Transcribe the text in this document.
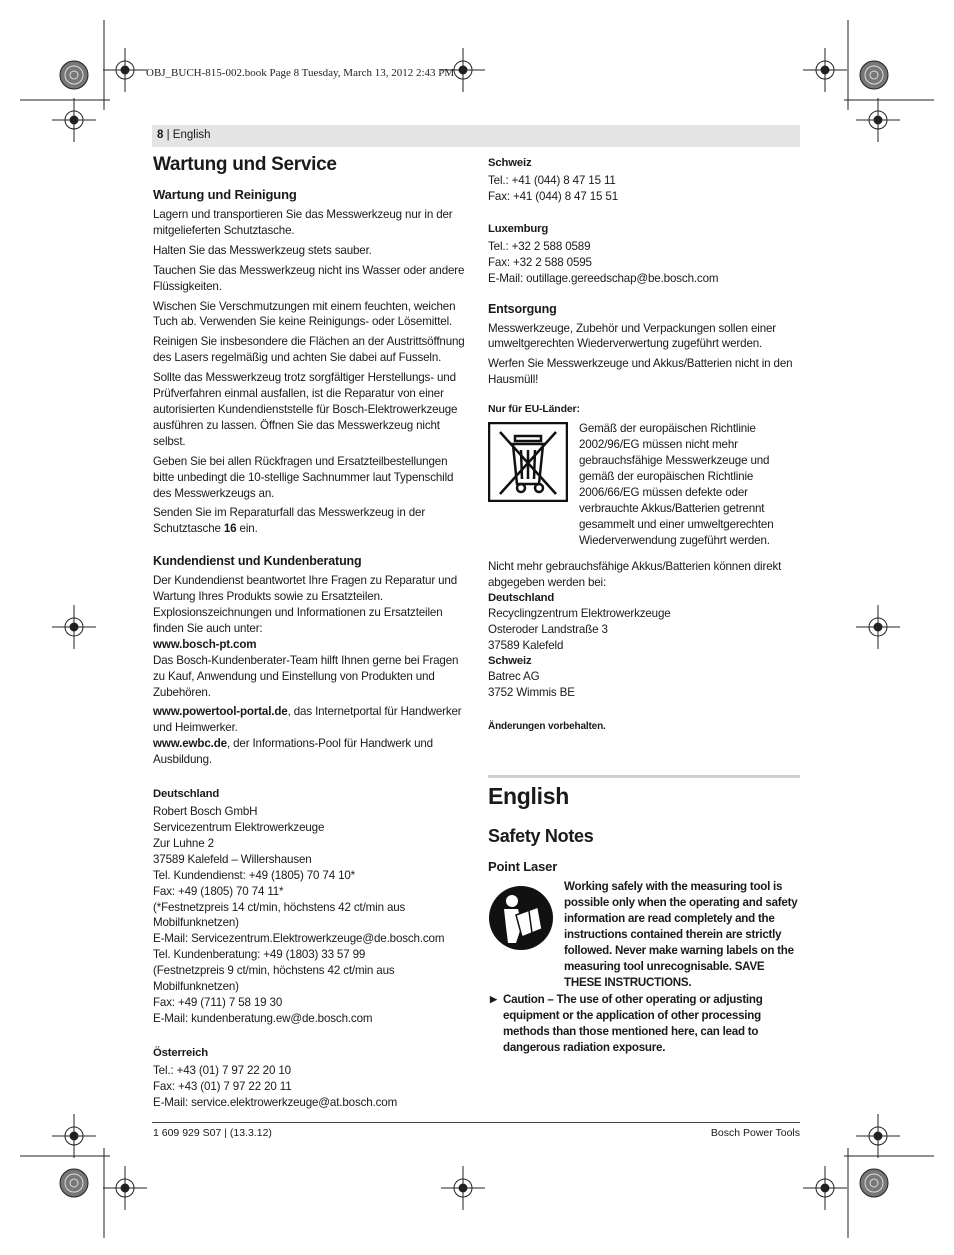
OBJ_BUCH-815-002.book Page 8 Tuesday, March 13, 2012 2:43 PM
8 | English
Wartung und Service
Wartung und Reinigung

Lagern und transportieren Sie das Messwerkzeug nur in der mitgelieferten Schutztasche.

Halten Sie das Messwerkzeug stets sauber.

Tauchen Sie das Messwerkzeug nicht ins Wasser oder andere Flüssigkeiten.

Wischen Sie Verschmutzungen mit einem feuchten, weichen Tuch ab. Verwenden Sie keine Reinigungs- oder Lösemittel.

Reinigen Sie insbesondere die Flächen an der Austrittsöffnung des Lasers regelmäßig und achten Sie dabei auf Fusseln.

Sollte das Messwerkzeug trotz sorgfältiger Herstellungs- und Prüfverfahren einmal ausfallen, ist die Reparatur von einer autorisierten Kundendienststelle für Bosch-Elektrowerkzeuge ausführen zu lassen. Öffnen Sie das Messwerkzeug nicht selbst.

Geben Sie bei allen Rückfragen und Ersatzteilbestellungen bitte unbedingt die 10-stellige Sachnummer laut Typenschild des Messwerkzeugs an.

Senden Sie im Reparaturfall das Messwerkzeug in der Schutztasche 16 ein.

Kundendienst und Kundenberatung

Der Kundendienst beantwortet Ihre Fragen zu Reparatur und Wartung Ihres Produkts sowie zu Ersatzteilen. Explosionszeichnungen und Informationen zu Ersatzteilen finden Sie auch unter:

www.bosch-pt.com

Das Bosch-Kundenberater-Team hilft Ihnen gerne bei Fragen zu Kauf, Anwendung und Einstellung von Produkten und Zubehören.

www.powertool-portal.de, das Internetportal für Handwerker und Heimwerker.

www.ewbc.de, der Informations-Pool für Handwerk und Ausbildung.

Deutschland

Robert Bosch GmbH

Servicezentrum Elektrowerkzeuge

Zur Luhne 2

37589 Kalefeld – Willershausen

Tel. Kundendienst: +49 (1805) 70 74 10*

Fax: +49 (1805) 70 74 11*

(*Festnetzpreis 14 ct/min, höchstens 42 ct/min aus Mobilfunknetzen)

E-Mail: Servicezentrum.Elektrowerkzeuge@de.bosch.com

Tel. Kundenberatung: +49 (1803) 33 57 99

(Festnetzpreis 9 ct/min, höchstens 42 ct/min aus Mobilfunknetzen)

Fax: +49 (711) 7 58 19 30

E-Mail: kundenberatung.ew@de.bosch.com

Österreich

Tel.: +43 (01) 7 97 22 20 10

Fax: +43 (01) 7 97 22 20 11

E-Mail: service.elektrowerkzeuge@at.bosch.com

Schweiz

Tel.: +41 (044) 8 47 15 11

Fax: +41 (044) 8 47 15 51

Luxemburg

Tel.: +32 2 588 0589

Fax: +32 2 588 0595

E-Mail: outillage.gereedschap@be.bosch.com

Entsorgung

Messwerkzeuge, Zubehör und Verpackungen sollen einer umweltgerechten Wiederverwertung zugeführt werden.

Werfen Sie Messwerkzeuge und Akkus/Batterien nicht in den Hausmüll!

Nur für EU-Länder:

Gemäß der europäischen Richtlinie 2002/96/EG müssen nicht mehr gebrauchsfähige Messwerkzeuge und gemäß der europäischen Richtlinie 2006/66/EG müssen defekte oder verbrauchte Akkus/Batterien getrennt gesammelt und einer umweltgerechten Wiederverwendung zugeführt werden.

Nicht mehr gebrauchsfähige Akkus/Batterien können direkt abgegeben werden bei:

Deutschland

Recyclingzentrum Elektrowerkzeuge

Osteroder Landstraße 3

37589 Kalefeld

Schweiz

Batrec AG

3752 Wimmis BE

Änderungen vorbehalten.
English
Safety Notes
Point Laser

Working safely with the measuring tool is possible only when the operating and safety information are read completely and the instructions contained therein are strictly followed. Never make warning labels on the measuring tool unrecognisable. SAVE THESE INSTRUCTIONS.

▶ Caution – The use of other operating or adjusting equipment or the application of other processing methods than those mentioned here, can lead to dangerous radiation exposure.

1 609 929 S07 | (13.3.12)	Bosch Power Tools
